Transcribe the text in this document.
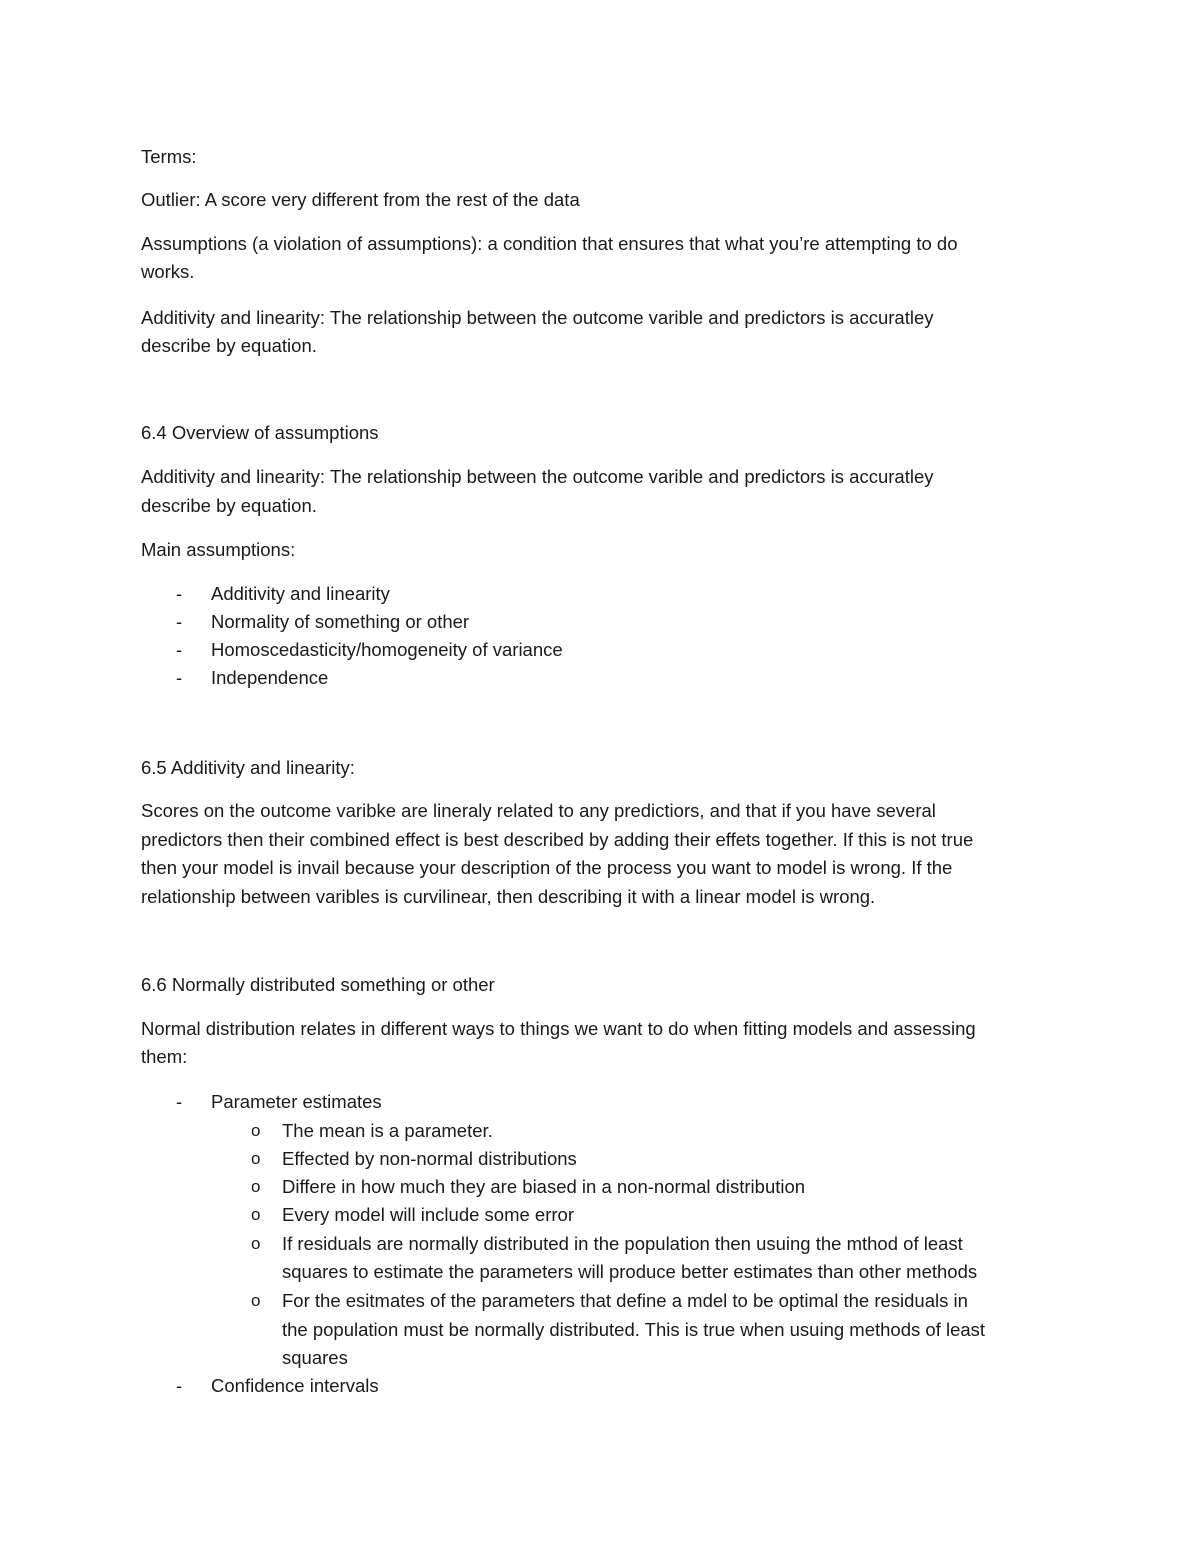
Terms:
Outlier: A score very different from the rest of the data
Assumptions (a violation of assumptions): a condition that ensures that what you’re attempting to do
works.
Additivity and linearity: The relationship between the outcome varible and predictors is accuratley
describe by equation.
6.4 Overview of assumptions
Additivity and linearity: The relationship between the outcome varible and predictors is accuratley
describe by equation.
Main assumptions:
- Additivity and linearity
- Normality of something or other
- Homoscedasticity/homogeneity of variance
- Independence
6.5 Additivity and linearity:
Scores on the outcome varibke are lineraly related to any predictiors, and that if you have several
predictors then their combined effect is best described by adding their effets together. If this is not true
then your model is invail because your description of the process you want to model is wrong. If the
relationship between varibles is curvilinear, then describing it with a linear model is wrong.
6.6 Normally distributed something or other
Normal distribution relates in different ways to things we want to do when fitting models and assessing
them:
- Parameter estimates
o The mean is a parameter.
o Effected by non-normal distributions
o Differe in how much they are biased in a non-normal distribution
o Every model will include some error
o If residuals are normally distributed in the population then usuing the mthod of least
squares to estimate the parameters will produce better estimates than other methods
o For the esitmates of the parameters that define a mdel to be optimal the residuals in
the population must be normally distributed. This is true when usuing methods of least
squares
- Confidence intervals
